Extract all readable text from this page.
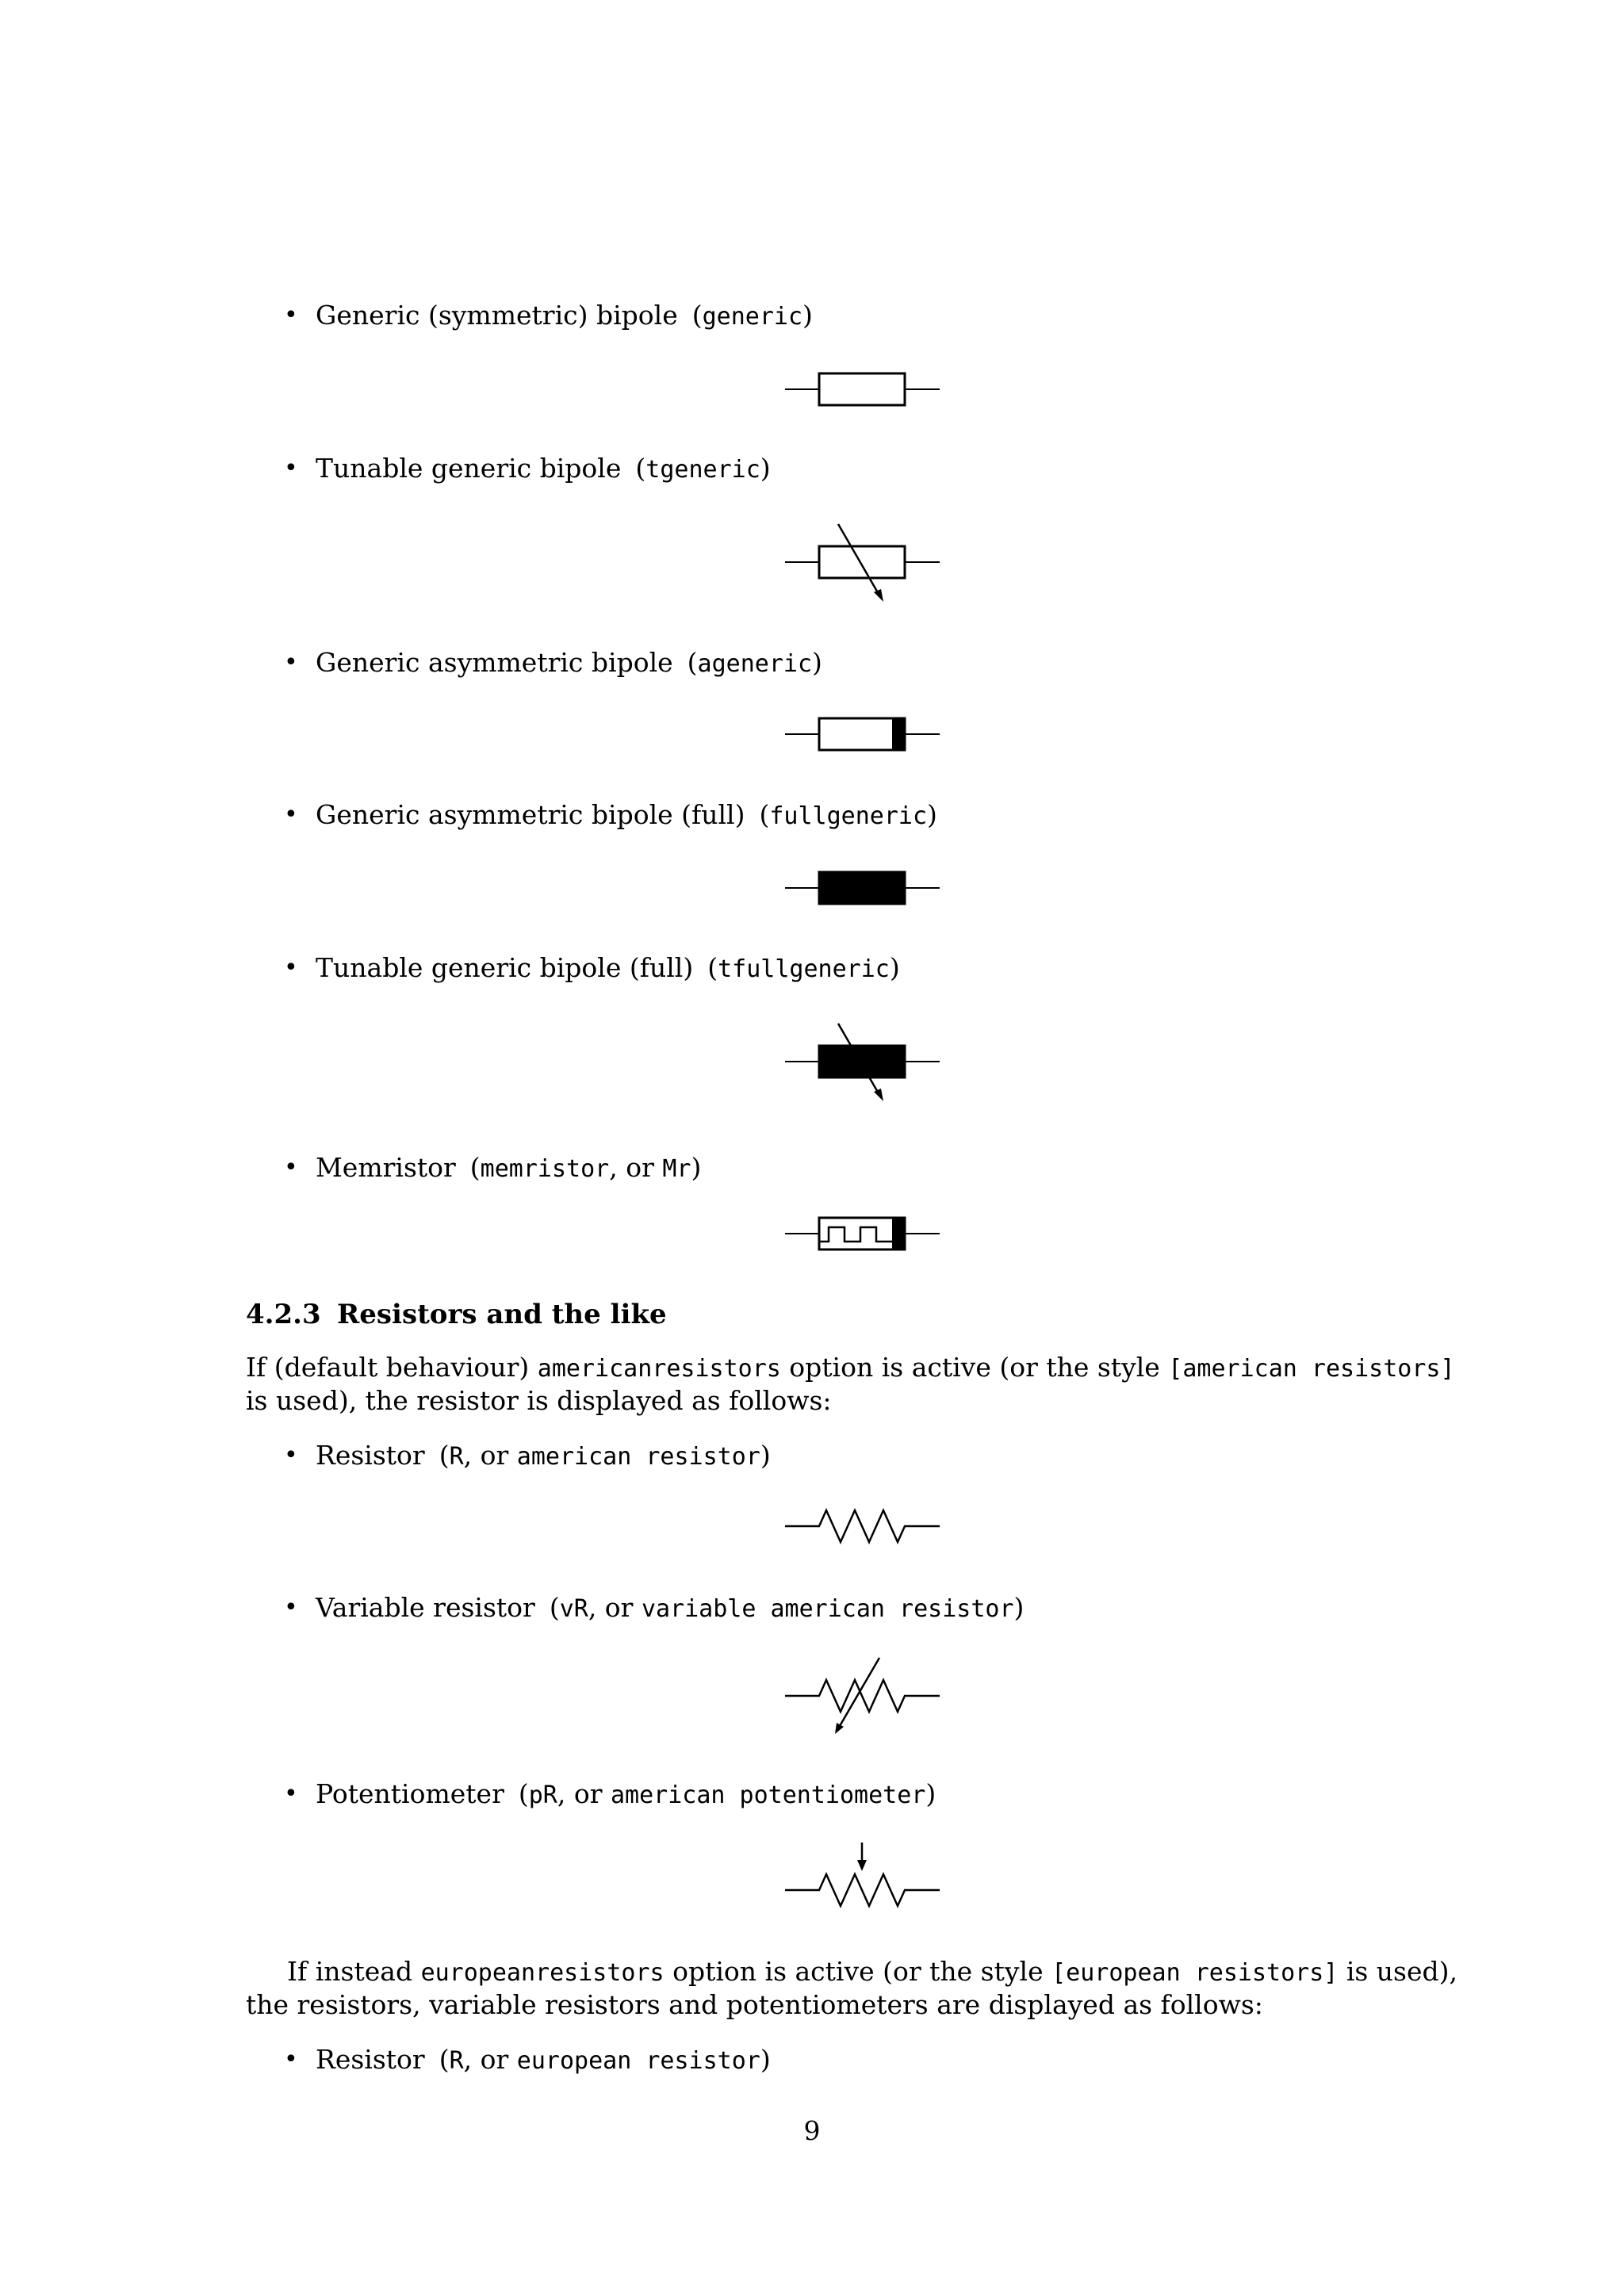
• Generic (symmetric) bipole (generic)
• Tunable generic bipole (tgeneric)
• Generic asymmetric bipole (ageneric)
• Generic asymmetric bipole (full) (fullgeneric)
• Tunable generic bipole (full) (tfullgeneric)
• Memristor (memristor, or Mr)
4.2.3 Resistors and the like
If (default behaviour) americanresistors option is active (or the style [american resistors]
is used), the resistor is displayed as follows:
• Resistor (R, or american resistor)
• Variable resistor (vR, or variable american resistor)
• Potentiometer (pR, or american potentiometer)
If instead europeanresistors option is active (or the style [european resistors] is used),
the resistors, variable resistors and potentiometers are displayed as follows:
• Resistor (R, or european resistor)
9
